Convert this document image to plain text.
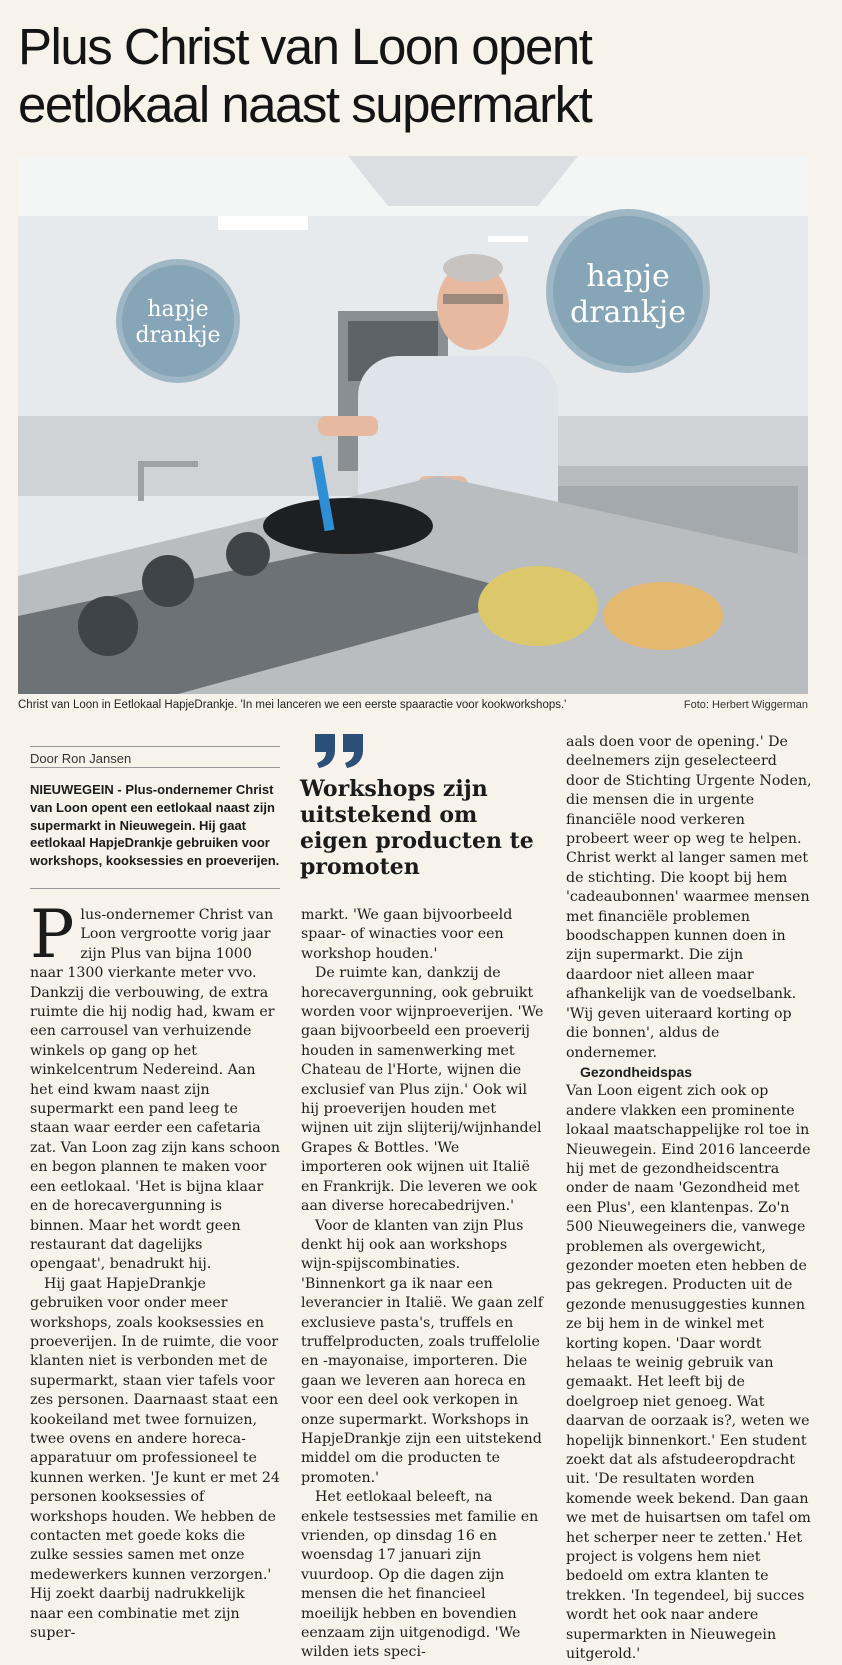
Plus Christ van Loon opent
eetlokaal naast supermarkt
hapje
drankje
hapje
drankje
Christ van Loon in Eetlokaal HapjeDrankje. 'In mei lanceren we een eerste spaaractie voor kookworkshops.'	Foto: Herbert Wiggerman
Door Ron Jansen
NIEUWEGEIN - Plus-ondernemer Christ van Loon opent een eetlokaal naast zijn supermarkt in Nieuwegein. Hij gaat eetlokaal HapjeDrankje gebruiken voor workshops, kooksessies en proeverijen.
Workshops zijn uitstekend om eigen producten te promoten

Plus-ondernemer Christ van Loon vergrootte vorig jaar zijn Plus van bijna 1000 naar 1300 vierkante meter vvo. Dankzij die verbouwing, de extra ruimte die hij nodig had, kwam er een carrousel van verhuizende winkels op gang op het winkelcentrum Nedereind. Aan het eind kwam naast zijn supermarkt een pand leeg te staan waar eerder een cafetaria zat. Van Loon zag zijn kans schoon en begon plannen te maken voor een eetlokaal. 'Het is bijna klaar en de horecavergunning is binnen. Maar het wordt geen restaurant dat dagelijks opengaat', benadrukt hij.

Hij gaat HapjeDrankje gebruiken voor onder meer workshops, zoals kooksessies en proeverijen. In de ruimte, die voor klanten niet is verbonden met de supermarkt, staan vier tafels voor zes personen. Daarnaast staat een kookeiland met twee fornuizen, twee ovens en andere horeca-apparatuur om professioneel te kunnen werken. 'Je kunt er met 24 personen kooksessies of workshops houden. We hebben de contacten met goede koks die zulke sessies samen met onze medewerkers kunnen verzorgen.' Hij zoekt daarbij nadrukkelijk naar een combinatie met zijn super-

markt. 'We gaan bijvoorbeeld spaar- of winacties voor een workshop houden.'

De ruimte kan, dankzij de horecavergunning, ook gebruikt worden voor wijnproeverijen. 'We gaan bijvoorbeeld een proeverij houden in samenwerking met Chateau de l'Horte, wijnen die exclusief van Plus zijn.' Ook wil hij proeverijen houden met wijnen uit zijn slijterij/wijnhandel Grapes & Bottles. 'We importeren ook wijnen uit Italië en Frankrijk. Die leveren we ook aan diverse horecabedrijven.'

Voor de klanten van zijn Plus denkt hij ook aan workshops wijn-spijscombinaties. 'Binnenkort ga ik naar een leverancier in Italië. We gaan zelf exclusieve pasta's, truffels en truffelproducten, zoals truffelolie en -mayonaise, importeren. Die gaan we leveren aan horeca en voor een deel ook verkopen in onze supermarkt. Workshops in HapjeDrankje zijn een uitstekend middel om die producten te promoten.'

Het eetlokaal beleeft, na enkele testsessies met familie en vrienden, op dinsdag 16 en woensdag 17 januari zijn vuurdoop. Op die dagen zijn mensen die het financieel moeilijk hebben en bovendien eenzaam zijn uitgenodigd. 'We wilden iets speci-

aals doen voor de opening.' De deelnemers zijn geselecteerd door de Stichting Urgente Noden, die mensen die in urgente financiële nood verkeren probeert weer op weg te helpen. Christ werkt al langer samen met de stichting. Die koopt bij hem 'cadeaubonnen' waarmee mensen met financiële problemen boodschappen kunnen doen in zijn supermarkt. Die zijn daardoor niet alleen maar afhankelijk van de voedselbank. 'Wij geven uiteraard korting op die bonnen', aldus de ondernemer.

Gezondheidspas

Van Loon eigent zich ook op andere vlakken een prominente lokaal maatschappelijke rol toe in Nieuwegein. Eind 2016 lanceerde hij met de gezondheidscentra onder de naam 'Gezondheid met een Plus', een klantenpas. Zo'n 500 Nieuwegeiners die, vanwege problemen als overgewicht, gezonder moeten eten hebben de pas gekregen. Producten uit de gezonde menusuggesties kunnen ze bij hem in de winkel met korting kopen. 'Daar wordt helaas te weinig gebruik van gemaakt. Het leeft bij de doelgroep niet genoeg. Wat daarvan de oorzaak is?, weten we hopelijk binnenkort.' Een student zoekt dat als afstudeeropdracht uit. 'De resultaten worden komende week bekend. Dan gaan we met de huisartsen om tafel om het scherper neer te zetten.' Het project is volgens hem niet bedoeld om extra klanten te trekken. 'In tegendeel, bij succes wordt het ook naar andere supermarkten in Nieuwegein uitgerold.'
